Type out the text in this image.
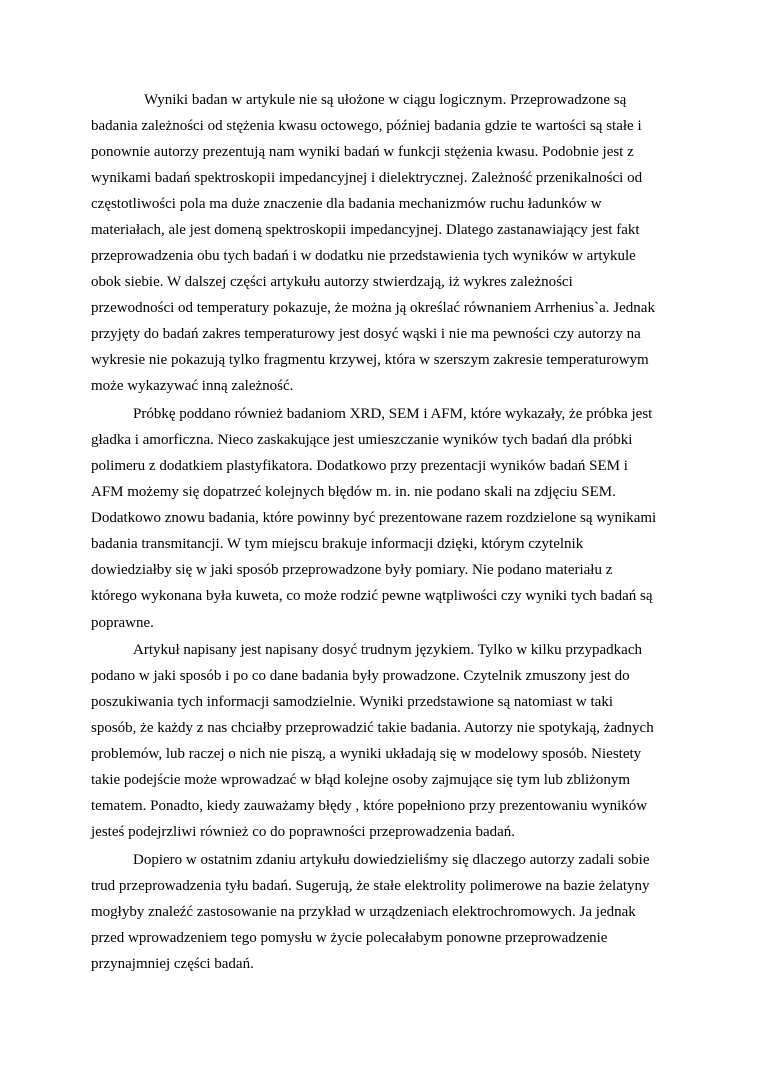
Wyniki badan w artykule nie są ułożone w ciągu logicznym. Przeprowadzone są
badania zależności od stężenia kwasu octowego, później badania gdzie te wartości są stałe i
ponownie autorzy prezentują nam wyniki badań w funkcji stężenia kwasu. Podobnie jest z
wynikami badań spektroskopii impedancyjnej i dielektrycznej. Zależność przenikalności od
częstotliwości pola ma duże znaczenie dla badania mechanizmów ruchu ładunków w
materiałach, ale jest domeną spektroskopii impedancyjnej. Dlatego zastanawiający jest fakt
przeprowadzenia obu tych badań i w dodatku nie przedstawienia tych wyników w artykule
obok siebie. W dalszej części artykułu autorzy stwierdzają, iż wykres zależności
przewodności od temperatury pokazuje, że można ją określać równaniem Arrhenius`a. Jednak
przyjęty do badań zakres temperaturowy jest dosyć wąski i nie ma pewności czy autorzy na
wykresie nie pokazują tylko fragmentu krzywej, która w szerszym zakresie temperaturowym
może wykazywać inną zależność.
Próbkę poddano również badaniom XRD, SEM i AFM, które wykazały, że próbka jest
gładka i amorficzna. Nieco zaskakujące jest umieszczanie wyników tych badań dla próbki
polimeru z dodatkiem plastyfikatora. Dodatkowo przy prezentacji wyników badań SEM i
AFM możemy się dopatrzeć kolejnych błędów m. in. nie podano skali na zdjęciu SEM.
Dodatkowo znowu badania, które powinny być prezentowane razem rozdzielone są wynikami
badania transmitancji. W tym miejscu brakuje informacji dzięki, którym czytelnik
dowiedziałby się w jaki sposób przeprowadzone były pomiary. Nie podano materiału z
którego wykonana była kuweta, co może rodzić pewne wątpliwości czy wyniki tych badań są
poprawne.
Artykuł napisany jest napisany dosyć trudnym językiem. Tylko w kilku przypadkach
podano w jaki sposób i po co dane badania były prowadzone. Czytelnik zmuszony jest do
poszukiwania tych informacji samodzielnie. Wyniki przedstawione są natomiast w taki
sposób, że każdy z nas chciałby przeprowadzić takie badania. Autorzy nie spotykają, żadnych
problemów, lub raczej o nich nie piszą, a wyniki układają się w modelowy sposób. Niestety
takie podejście może wprowadzać w błąd kolejne osoby zajmujące się tym lub zbliżonym
tematem. Ponadto, kiedy zauważamy błędy , które popełniono przy prezentowaniu wyników
jesteś podejrzliwi również co do poprawności przeprowadzenia badań.
Dopiero w ostatnim zdaniu artykułu dowiedzieliśmy się dlaczego autorzy zadali sobie
trud przeprowadzenia tyłu badań. Sugerują, że stałe elektrolity polimerowe na bazie żelatyny
mogłyby znaleźć zastosowanie na przykład w urządzeniach elektrochromowych. Ja jednak
przed wprowadzeniem tego pomysłu w życie polecałabym ponowne przeprowadzenie
przynajmniej części badań.
